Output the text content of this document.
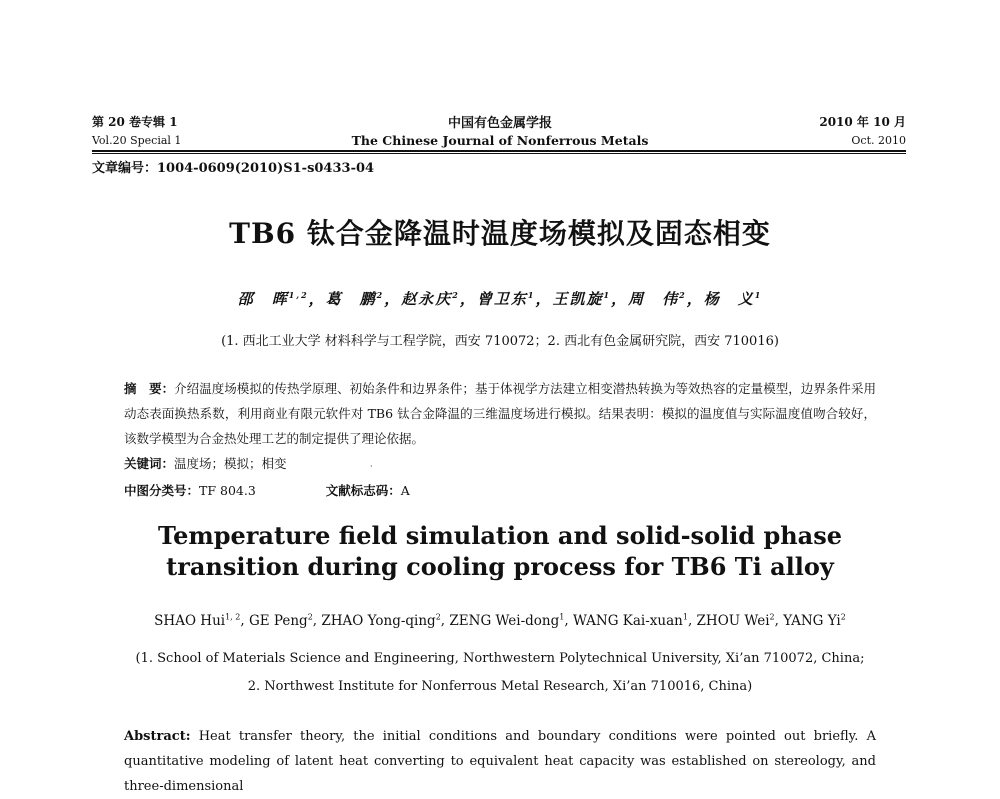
第 20 卷专辑 1
Vol.20 Special 1
中国有色金属学报
The Chinese Journal of Nonferrous Metals
2010 年 10 月
Oct. 2010
文章编号：1004-0609(2010)S1-s0433-04
TB6 钛合金降温时温度场模拟及固态相变
邵　晖$^{1,2}$，葛　鹏$^2$，赵永庆$^2$，曾卫东$^1$，王凯旋$^1$，周　伟$^2$，杨　义$^1$
(1. 西北工业大学 材料科学与工程学院，西安 710072；2. 西北有色金属研究院，西安 710016)
摘　要：介绍温度场模拟的传热学原理、初始条件和边界条件；基于体视学方法建立相变潜热转换为等效热容的定量模型，边界条件采用动态表面换热系数，利用商业有限元软件对 TB6 钛合金降温的三维温度场进行模拟。结果表明：模拟的温度值与实际温度值吻合较好，该数学模型为合金热处理工艺的制定提供了理论依据。
关键词：温度场；模拟；相变	·
中图分类号：TF 804.3	文献标志码：A
Temperature field simulation and solid-solid phase transition during cooling process for TB6 Ti alloy
SHAO Hui$^{1, 2}$, GE Peng$^2$, ZHAO Yong-qing$^2$, ZENG Wei-dong$^1$, WANG Kai-xuan$^1$, ZHOU Wei$^2$, YANG Yi$^2$
(1. School of Materials Science and Engineering, Northwestern Polytechnical University, Xi’an 710072, China;
2. Northwest Institute for Nonferrous Metal Research, Xi’an 710016, China)
Abstract: Heat transfer theory, the initial conditions and boundary conditions were pointed out briefly. A quantitative modeling of latent heat converting to equivalent heat capacity was established on stereology, and three-dimensional
